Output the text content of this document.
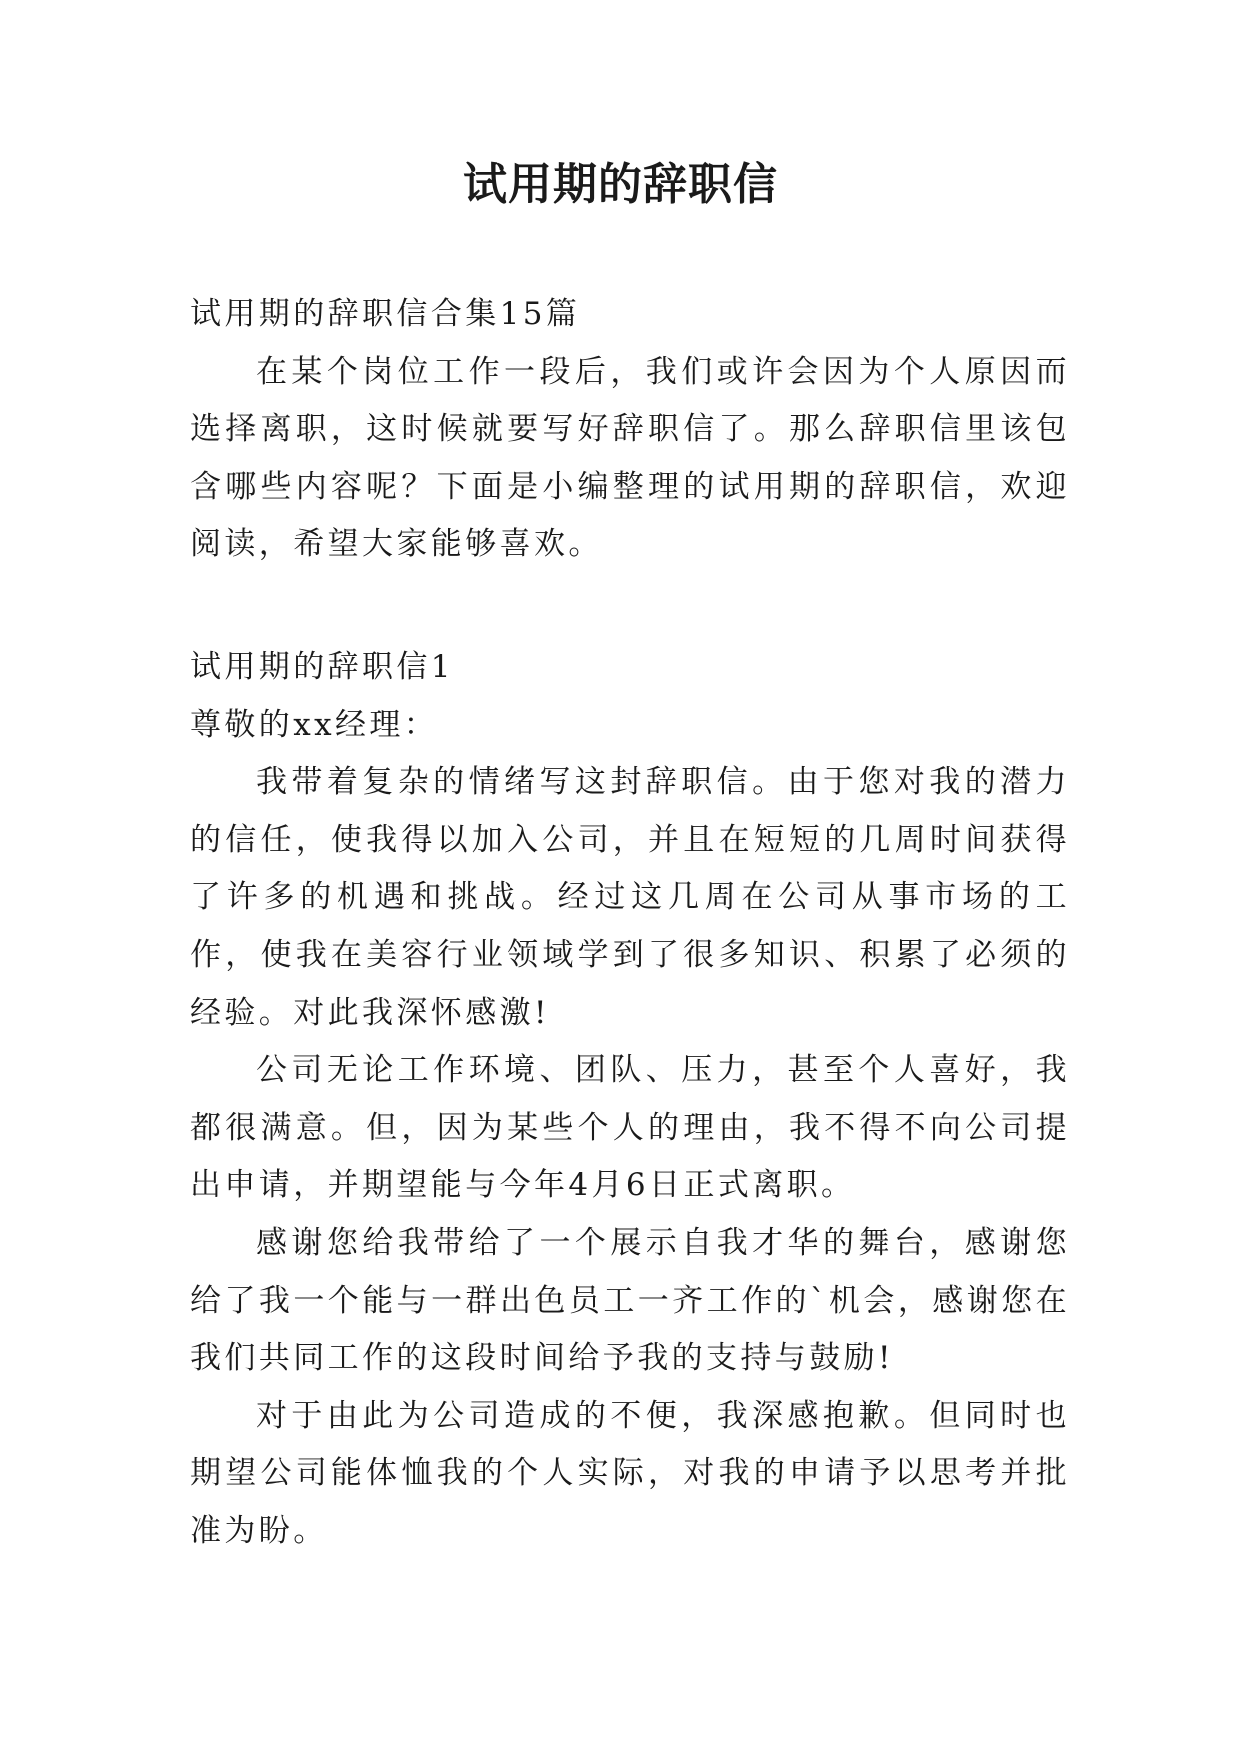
试用期的辞职信

试用期的辞职信合集15篇

在某个岗位工作一段后，我们或许会因为个人原因而选择离职，这时候就要写好辞职信了。那么辞职信里该包含哪些内容呢？下面是小编整理的试用期的辞职信，欢迎阅读，希望大家能够喜欢。

试用期的辞职信1

尊敬的xx经理：

我带着复杂的情绪写这封辞职信。由于您对我的潜力的信任，使我得以加入公司，并且在短短的几周时间获得了许多的机遇和挑战。经过这几周在公司从事市场的工作，使我在美容行业领域学到了很多知识、积累了必须的经验。对此我深怀感激!

公司无论工作环境、团队、压力，甚至个人喜好，我都很满意。但，因为某些个人的理由，我不得不向公司提出申请，并期望能与今年4月6日正式离职。

感谢您给我带给了一个展示自我才华的舞台，感谢您给了我一个能与一群出色员工一齐工作的`机会，感谢您在我们共同工作的这段时间给予我的支持与鼓励!

对于由此为公司造成的不便，我深感抱歉。但同时也期望公司能体恤我的个人实际，对我的申请予以思考并批准为盼。
